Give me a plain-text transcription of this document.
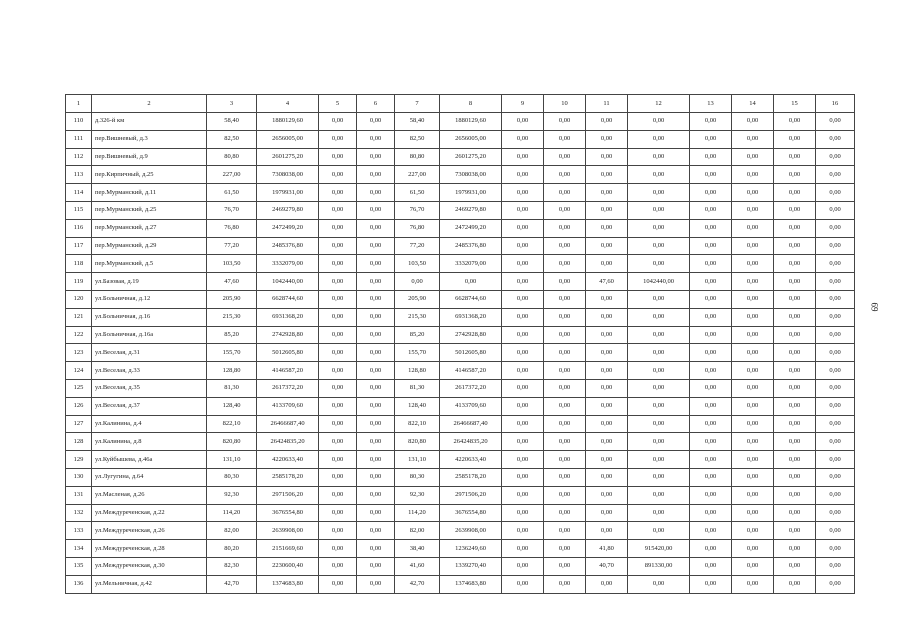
1	2	3	4	5	6	7	8	9	10	11	12	13	14	15	16
110	д.326-й км	58,40	1880129,60	0,00	0,00	58,40	1880129,60	0,00	0,00	0,00	0,00	0,00	0,00	0,00	0,00
111	пер.Вишневый, д.3	82,50	2656005,00	0,00	0,00	82,50	2656005,00	0,00	0,00	0,00	0,00	0,00	0,00	0,00	0,00
112	пер.Вишневый, д.9	80,80	2601275,20	0,00	0,00	80,80	2601275,20	0,00	0,00	0,00	0,00	0,00	0,00	0,00	0,00
113	пер.Кирпичный, д.25	227,00	7308038,00	0,00	0,00	227,00	7308038,00	0,00	0,00	0,00	0,00	0,00	0,00	0,00	0,00
114	пер.Мурманский, д.11	61,50	1979931,00	0,00	0,00	61,50	1979931,00	0,00	0,00	0,00	0,00	0,00	0,00	0,00	0,00
115	пер.Мурманский, д.25	76,70	2469279,80	0,00	0,00	76,70	2469279,80	0,00	0,00	0,00	0,00	0,00	0,00	0,00	0,00
116	пер.Мурманский, д.27	76,80	2472499,20	0,00	0,00	76,80	2472499,20	0,00	0,00	0,00	0,00	0,00	0,00	0,00	0,00
117	пер.Мурманский, д.29	77,20	2485376,80	0,00	0,00	77,20	2485376,80	0,00	0,00	0,00	0,00	0,00	0,00	0,00	0,00
118	пер.Мурманский, д.5	103,50	3332079,00	0,00	0,00	103,50	3332079,00	0,00	0,00	0,00	0,00	0,00	0,00	0,00	0,00
119	ул.Базовая, д.19	47,60	1042440,00	0,00	0,00	0,00	0,00	0,00	0,00	47,60	1042440,00	0,00	0,00	0,00	0,00
120	ул.Больничная, д.12	205,90	6628744,60	0,00	0,00	205,90	6628744,60	0,00	0,00	0,00	0,00	0,00	0,00	0,00	0,00
121	ул.Больничная, д.16	215,30	6931368,20	0,00	0,00	215,30	6931368,20	0,00	0,00	0,00	0,00	0,00	0,00	0,00	0,00
122	ул.Больничная, д.16а	85,20	2742928,80	0,00	0,00	85,20	2742928,80	0,00	0,00	0,00	0,00	0,00	0,00	0,00	0,00
123	ул.Веселая, д.31	155,70	5012605,80	0,00	0,00	155,70	5012605,80	0,00	0,00	0,00	0,00	0,00	0,00	0,00	0,00
124	ул.Веселая, д.33	128,80	4146587,20	0,00	0,00	128,80	4146587,20	0,00	0,00	0,00	0,00	0,00	0,00	0,00	0,00
125	ул.Веселая, д.35	81,30	2617372,20	0,00	0,00	81,30	2617372,20	0,00	0,00	0,00	0,00	0,00	0,00	0,00	0,00
126	ул.Веселая, д.37	128,40	4133709,60	0,00	0,00	128,40	4133709,60	0,00	0,00	0,00	0,00	0,00	0,00	0,00	0,00
127	ул.Калинина, д.4	822,10	26466687,40	0,00	0,00	822,10	26466687,40	0,00	0,00	0,00	0,00	0,00	0,00	0,00	0,00
128	ул.Калинина, д.8	820,80	26424835,20	0,00	0,00	820,80	26424835,20	0,00	0,00	0,00	0,00	0,00	0,00	0,00	0,00
129	ул.Куйбышева, д.46а	131,10	4220633,40	0,00	0,00	131,10	4220633,40	0,00	0,00	0,00	0,00	0,00	0,00	0,00	0,00
130	ул.Лугугина, д.64	80,30	2585178,20	0,00	0,00	80,30	2585178,20	0,00	0,00	0,00	0,00	0,00	0,00	0,00	0,00
131	ул.Масленая, д.26	92,30	2971506,20	0,00	0,00	92,30	2971506,20	0,00	0,00	0,00	0,00	0,00	0,00	0,00	0,00
132	ул.Междуреченская, д.22	114,20	3676554,80	0,00	0,00	114,20	3676554,80	0,00	0,00	0,00	0,00	0,00	0,00	0,00	0,00
133	ул.Междуреченская, д.26	82,00	2639908,00	0,00	0,00	82,00	2639908,00	0,00	0,00	0,00	0,00	0,00	0,00	0,00	0,00
134	ул.Междуреченская, д.28	80,20	2151669,60	0,00	0,00	38,40	1236249,60	0,00	0,00	41,80	915420,00	0,00	0,00	0,00	0,00
135	ул.Междуреченская, д.30	82,30	2230600,40	0,00	0,00	41,60	1339270,40	0,00	0,00	40,70	891330,00	0,00	0,00	0,00	0,00
136	ул.Мельничная, д.42	42,70	1374683,80	0,00	0,00	42,70	1374683,80	0,00	0,00	0,00	0,00	0,00	0,00	0,00	0,00
69
